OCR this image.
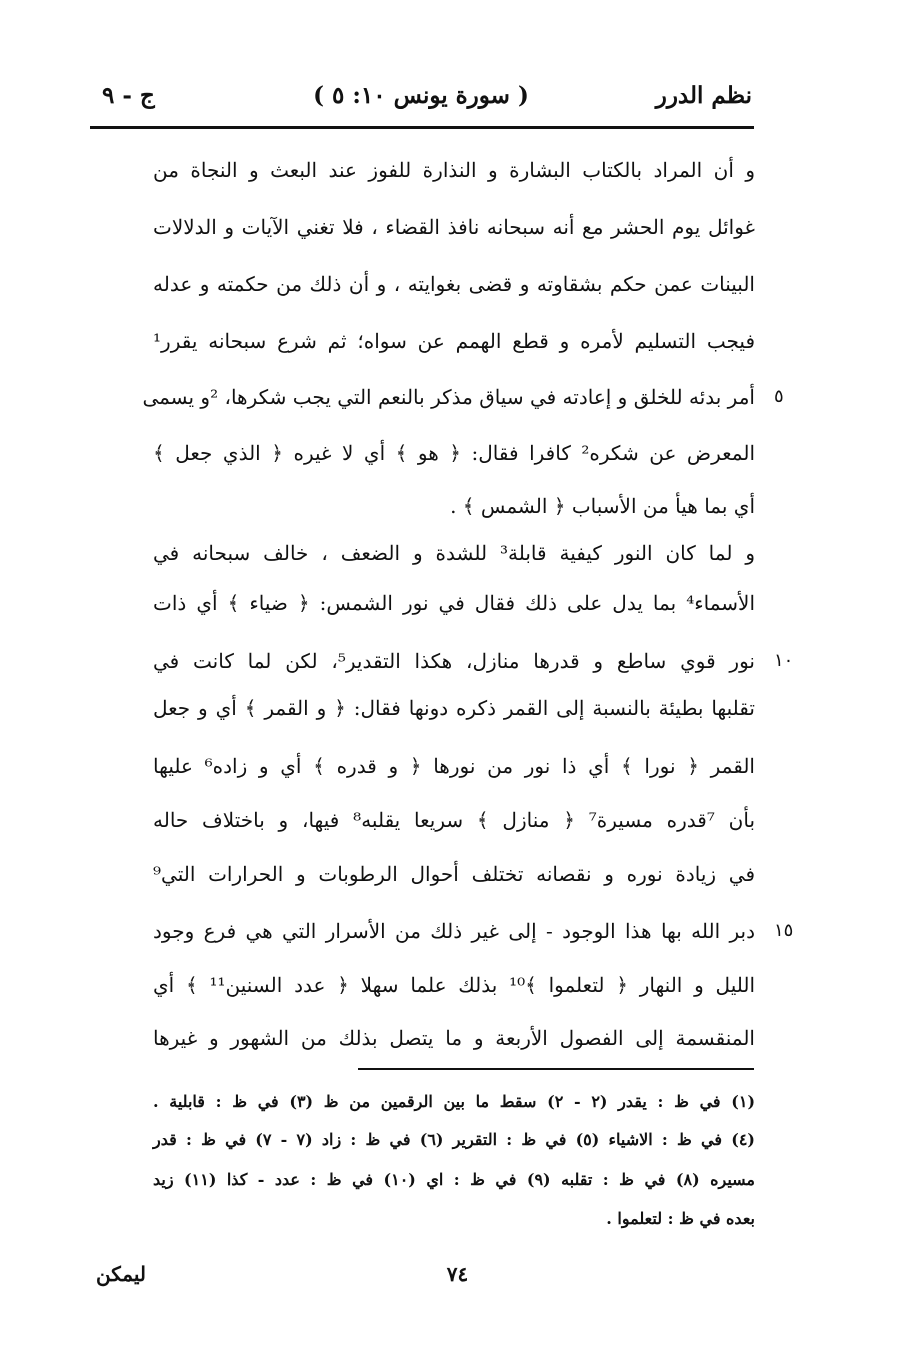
نظم الدرر
( سورة يونس ١٠: ٥ )
ج - ٩
و أن المراد بالكتاب البشارة و النذارة للفوز عند البعث و النجاة من
غوائل يوم الحشر مع أنه سبحانه نافذ القضاء ، فلا تغني الآيات و الدلالات
البينات عمن حكم بشقاوته و قضى بغوايته ، و أن ذلك من حكمته و عدله
فيجب التسليم لأمره و قطع الهمم عن سواه؛ ثم شرع سبحانه يقرر¹
أمر بدئه للخلق و إعادته في سياق مذكر بالنعم التي يجب شكرها، ²و يسمى
المعرض عن شكره² كافرا فقال: ﴿ هو ﴾ أي لا غيره ﴿ الذي جعل ﴾
أي بما هيأ من الأسباب ﴿ الشمس ﴾ .
و لما كان النور كيفية قابلة³ للشدة و الضعف ، خالف سبحانه في
الأسماء⁴ بما يدل على ذلك فقال في نور الشمس: ﴿ ضياء ﴾ أي ذات
نور قوي ساطع و قدرها منازل، هكذا التقدير⁵، لكن لما كانت في
تقلبها بطيئة بالنسبة إلى القمر ذكره دونها فقال: ﴿ و القمر ﴾ أي و جعل
القمر ﴿ نورا ﴾ أي ذا نور من نورها ﴿ و قدره ﴾ أي و زاده⁶ عليها
بأن ⁷قدره مسيرة⁷ ﴿ منازل ﴾ سريعا يقلبه⁸ فيها، و باختلاف حاله
في زيادة نوره و نقصانه تختلف أحوال الرطوبات و الحرارات التي⁹
دبر الله بها هذا الوجود - إلى غير ذلك من الأسرار التي هي فرع وجود
الليل و النهار ﴿ لتعلموا ﴾¹⁰ بذلك علما سهلا ﴿ عدد السنين¹¹ ﴾ أي
المنقسمة إلى الفصول الأربعة و ما يتصل بذلك من الشهور و غيرها
٥
١٠
١٥
(١) في ظ : يقدر (٢ - ٢) سقط ما بين الرقمين من ظ (٣) في ظ : قابلية .
(٤) في ظ : الاشياء (٥) في ظ : التقرير (٦) في ظ : زاد (٧ - ٧) في ظ : قدر
مسيره (٨) في ظ : تقلبه (٩) في ظ : اي (١٠) في ظ : عدد - كذا (١١) زيد
بعده في ظ : لتعلموا .
٧٤
ليمكن
